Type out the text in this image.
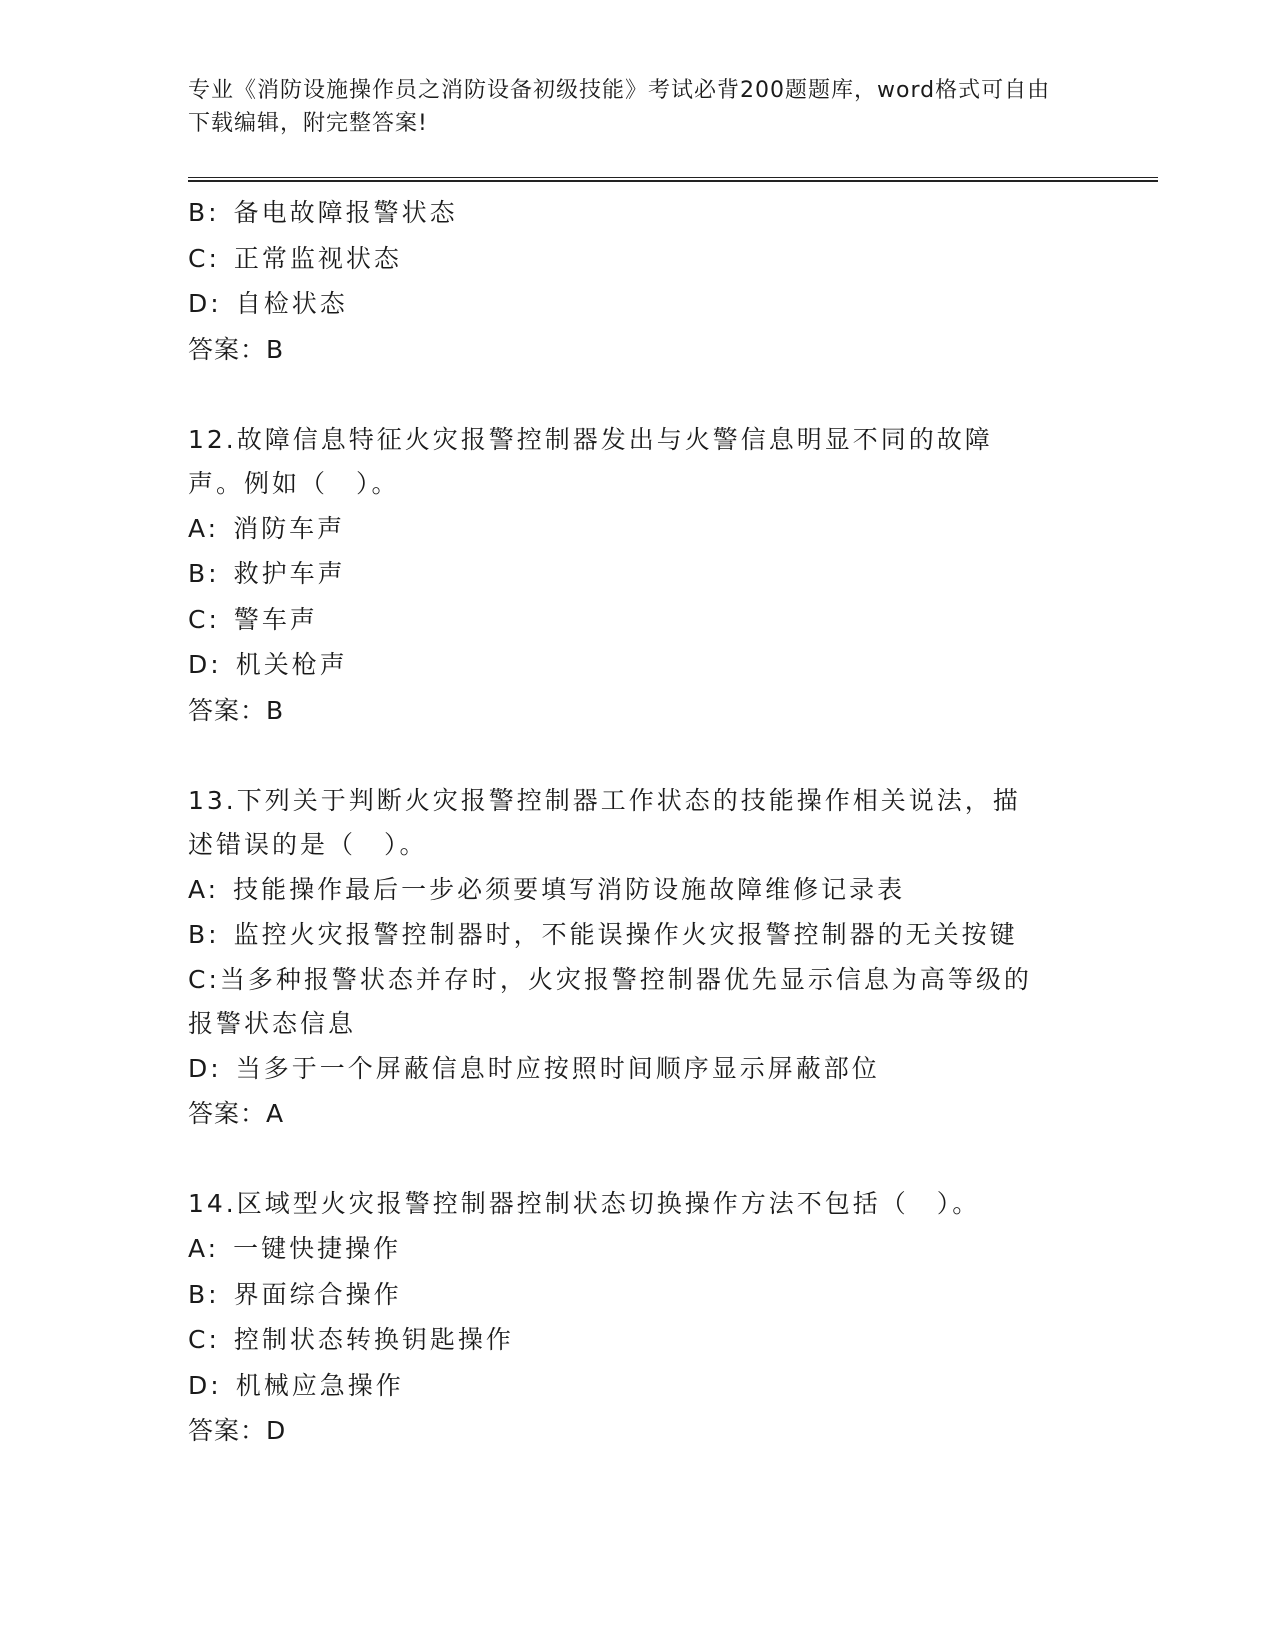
专业《消防设施操作员之消防设备初级技能》考试必背200题题库，word格式可自由下载编辑，附完整答案!
B: 备电故障报警状态
C: 正常监视状态
D: 自检状态
答案：B
12.故障信息特征火灾报警控制器发出与火警信息明显不同的故障声。例如（　）。
A: 消防车声
B: 救护车声
C: 警车声
D: 机关枪声
答案：B
13.下列关于判断火灾报警控制器工作状态的技能操作相关说法，描述错误的是（　）。
A: 技能操作最后一步必须要填写消防设施故障维修记录表
B: 监控火灾报警控制器时，不能误操作火灾报警控制器的无关按键
C:当多种报警状态并存时，火灾报警控制器优先显示信息为高等级的报警状态信息
D: 当多于一个屏蔽信息时应按照时间顺序显示屏蔽部位
答案：A
14.区域型火灾报警控制器控制状态切换操作方法不包括（　）。
A: 一键快捷操作
B: 界面综合操作
C: 控制状态转换钥匙操作
D: 机械应急操作
答案：D
